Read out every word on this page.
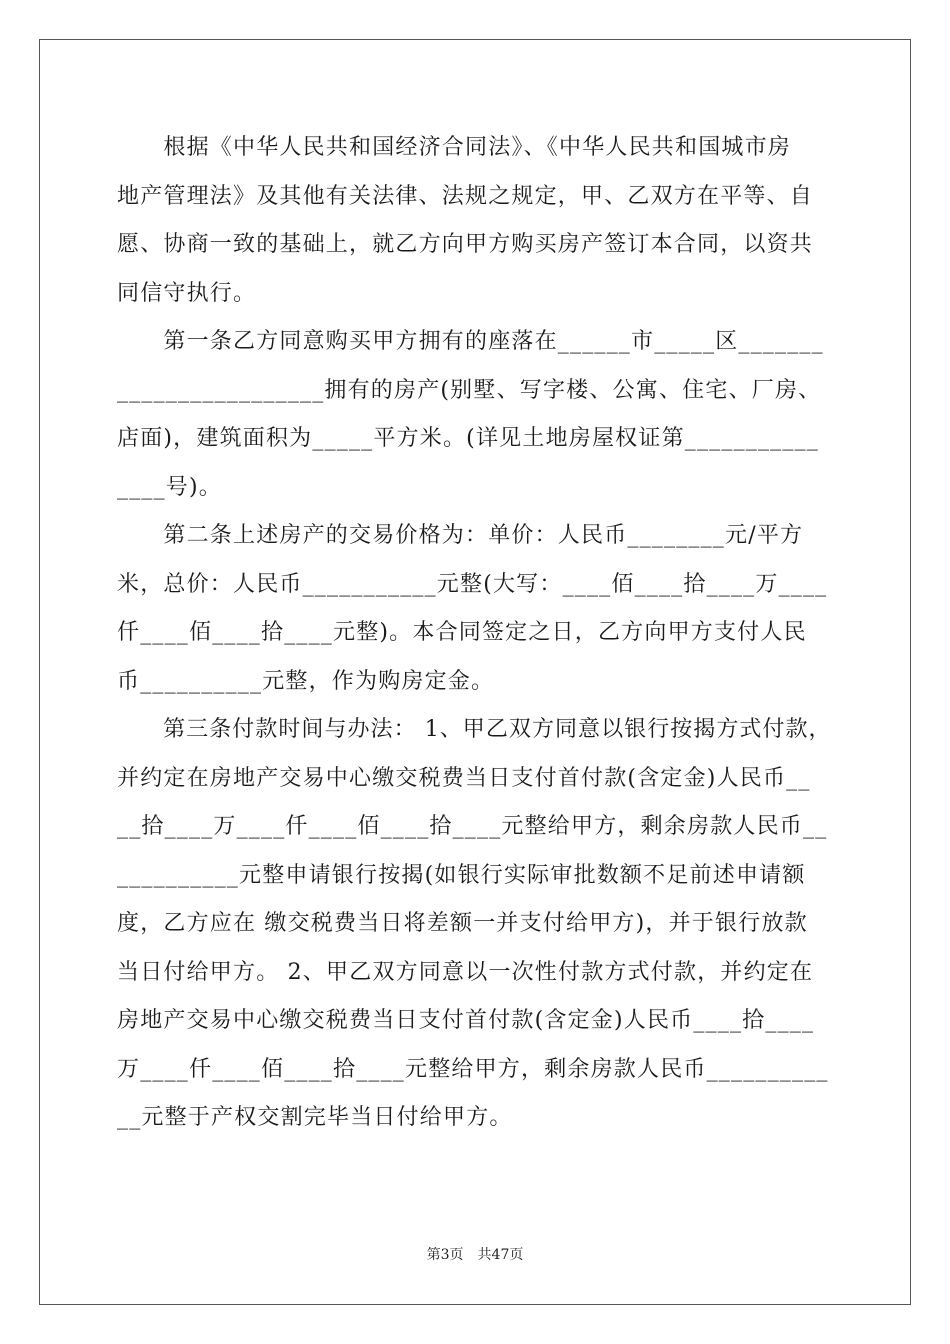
　　根据《中华人民共和国经济合同法》、《中华人民共和国城市房
地产管理法》及其他有关法律、法规之规定，甲、乙双方在平等、自
愿、协商一致的基础上，就乙方向甲方购买房产签订本合同，以资共
同信守执行。
　　第一条乙方同意购买甲方拥有的座落在______市_____区_______
_________________拥有的房产(别墅、写字楼、公寓、住宅、厂房、
店面)，建筑面积为_____平方米。(详见土地房屋权证第___________
____号)。
　　第二条上述房产的交易价格为：单价：人民币________元/平方
米，总价：人民币___________元整(大写：____佰____拾____万____
仟____佰____拾____元整)。本合同签定之日，乙方向甲方支付人民
币__________元整，作为购房定金。
　　第三条付款时间与办法： 1、甲乙双方同意以银行按揭方式付款，
并约定在房地产交易中心缴交税费当日支付首付款(含定金)人民币__
__拾____万____仟____佰____拾____元整给甲方，剩余房款人民币__
__________元整申请银行按揭(如银行实际审批数额不足前述申请额
度，乙方应在 缴交税费当日将差额一并支付给甲方)，并于银行放款
当日付给甲方。 2、甲乙双方同意以一次性付款方式付款，并约定在
房地产交易中心缴交税费当日支付首付款(含定金)人民币____拾____
万____仟____佰____拾____元整给甲方，剩余房款人民币__________
__元整于产权交割完毕当日付给甲方。
第3页　共47页
